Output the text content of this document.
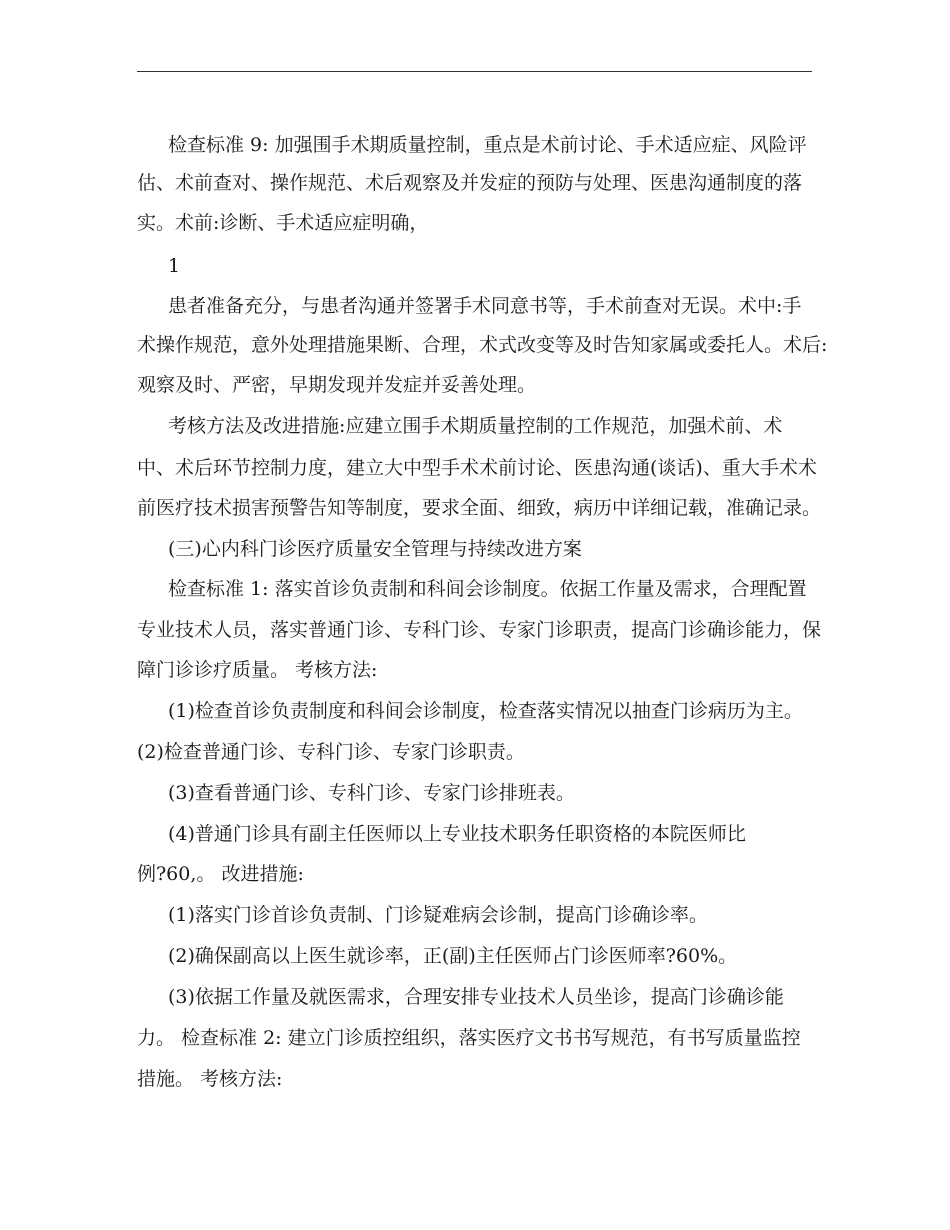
检查标准 9: 加强围手术期质量控制，重点是术前讨论、手术适应症、风险评
估、术前查对、操作规范、术后观察及并发症的预防与处理、医患沟通制度的落
实。术前:诊断、手术适应症明确，
1
患者准备充分，与患者沟通并签署手术同意书等，手术前查对无误。术中:手
术操作规范，意外处理措施果断、合理，术式改变等及时告知家属或委托人。术后:
观察及时、严密，早期发现并发症并妥善处理。
考核方法及改进措施:应建立围手术期质量控制的工作规范，加强术前、术
中、术后环节控制力度，建立大中型手术术前讨论、医患沟通(谈话)、重大手术术
前医疗技术损害预警告知等制度，要求全面、细致，病历中详细记载，准确记录。
(三)心内科门诊医疗质量安全管理与持续改进方案
检查标准 1: 落实首诊负责制和科间会诊制度。依据工作量及需求，合理配置
专业技术人员，落实普通门诊、专科门诊、专家门诊职责，提高门诊确诊能力，保
障门诊诊疗质量。 考核方法:
(1)检查首诊负责制度和科间会诊制度，检查落实情况以抽查门诊病历为主。
(2)检查普通门诊、专科门诊、专家门诊职责。
(3)查看普通门诊、专科门诊、专家门诊排班表。
(4)普通门诊具有副主任医师以上专业技术职务任职资格的本院医师比
例?60,。 改进措施:
(1)落实门诊首诊负责制、门诊疑难病会诊制，提高门诊确诊率。
(2)确保副高以上医生就诊率，正(副)主任医师占门诊医师率?60%。
(3)依据工作量及就医需求，合理安排专业技术人员坐诊，提高门诊确诊能
力。 检查标准 2: 建立门诊质控组织，落实医疗文书书写规范，有书写质量监控
措施。 考核方法:
